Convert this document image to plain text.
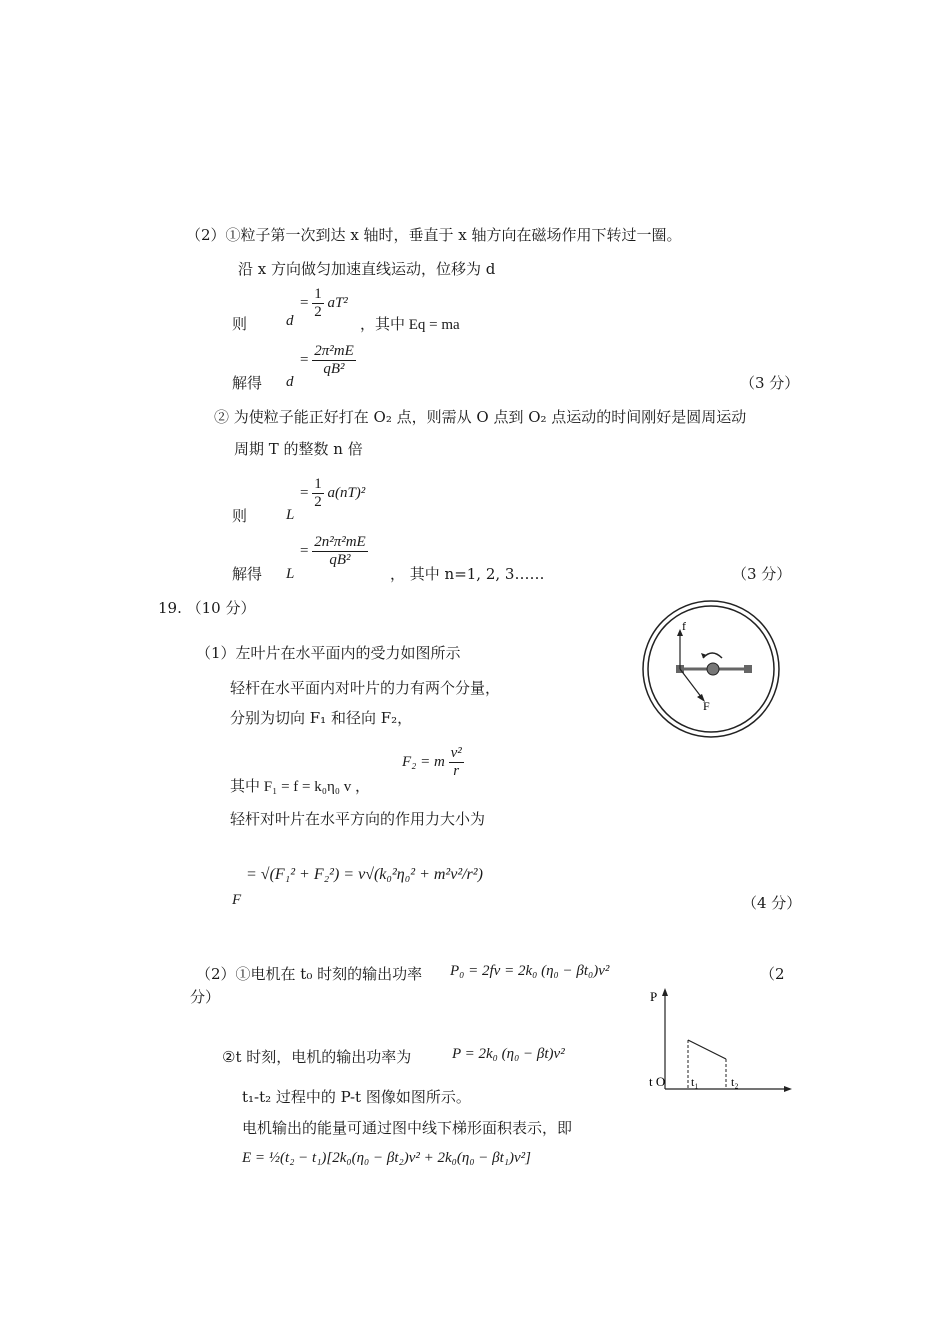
（2）①粒子第一次到达 x 轴时，垂直于 x 轴方向在磁场作用下转过一圈。
沿 x 方向做匀加速直线运动，位移为 d
则	d
= $\frac{1}{2} aT^2$
，其中 Eq = ma
解得 d
= $\frac{\text{2π²mE}}{\text{qB²}}$
（3 分）
② 为使粒子能正好打在 O₂ 点，则需从 O 点到 O₂ 点运动的时间刚好是圆周运动
周期 T 的整数 n 倍
则	L
= $\frac{1}{2} a(nT)^2$
解得 L
= $\frac{\text{2n²π²mE}}{\text{qB²}}$
， 其中 n=1, 2, 3……	（3 分）
19. （10 分）
（1）左叶片在水平面内的受力如图所示
轻杆在水平面内对叶片的力有两个分量，
分别为切向 F₁ 和径向 F₂，
F₂ = m $\frac{\text{v²}}{r}$
其中 F₁ = f = k₀η₀ v ，
轻杆对叶片在水平方向的作用力大小为
F
= √(F₁² + F₂²) = v√(k₀²η₀² + m²v²/r²)
（4 分）
（2）①电机在 t₀ 时刻的输出功率 P₀ = 2fv = 2k₀ (η₀ − βt₀)v²	（2
分）
②t 时刻，电机的输出功率为	P = 2k₀ (η₀ − βt)v²
t₁-t₂ 过程中的 P-t 图像如图所示。
电机输出的能量可通过图中线下梯形面积表示，即
E = ½(t₂ − t₁)[2k₀(η₀ − βt₂)v² + 2k₀(η₀ − βt₁)v²]
f
F
P
t O t₁	t₂
